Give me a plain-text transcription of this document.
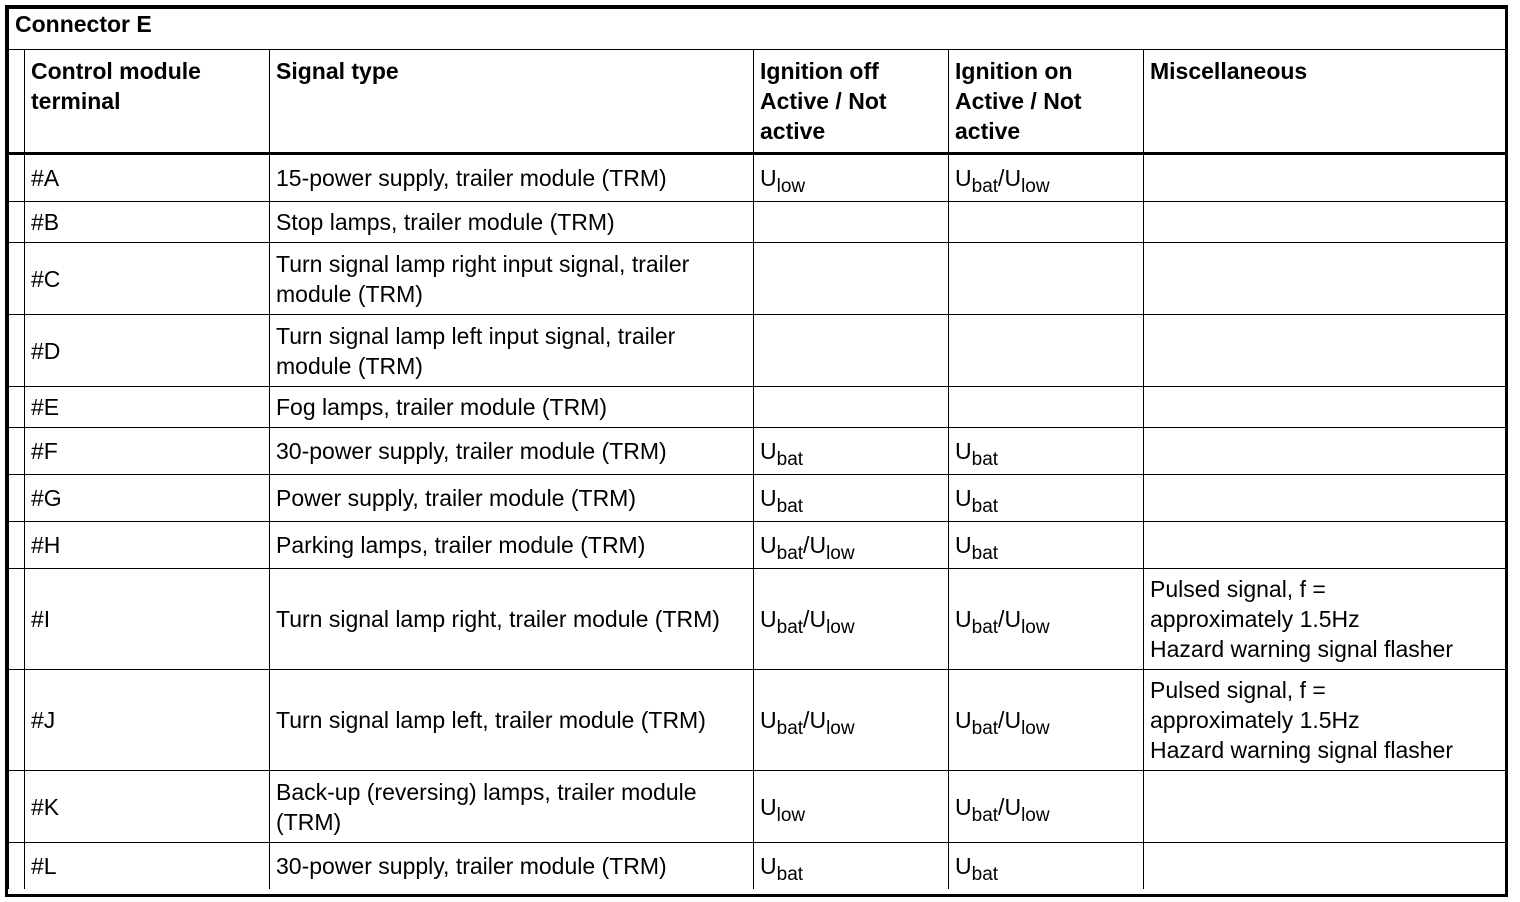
Connector E					
	Control module terminal	Signal type	Ignition off Active / Not active	Ignition on Active / Not active	Miscellaneous
	#A	15-power supply, trailer module (TRM)	$U_{low}$	$U_{bat}/U_{low}$	
	#B	Stop lamps, trailer module (TRM)			
	#C	Turn signal lamp right input signal, trailer module (TRM)			
	#D	Turn signal lamp left input signal, trailer module (TRM)			
	#E	Fog lamps, trailer module (TRM)			
	#F	30-power supply, trailer module (TRM)	$U_{bat}$	$U_{bat}$	
	#G	Power supply, trailer module (TRM)	$U_{bat}$	$U_{bat}$	
	#H	Parking lamps, trailer module (TRM)	$U_{bat}/U_{low}$	$U_{bat}$	
	#I	Turn signal lamp right, trailer module (TRM)	$U_{bat}/U_{low}$	$U_{bat}/U_{low}$	Pulsed signal, f =
approximately 1.5Hz
Hazard warning signal flasher
	#J	Turn signal lamp left, trailer module (TRM)	$U_{bat}/U_{low}$	$U_{bat}/U_{low}$	Pulsed signal, f =
approximately 1.5Hz
Hazard warning signal flasher
	#K	Back-up (reversing) lamps, trailer module (TRM)	$U_{low}$	$U_{bat}/U_{low}$	
	#L	30-power supply, trailer module (TRM)	$U_{bat}$	$U_{bat}$	
